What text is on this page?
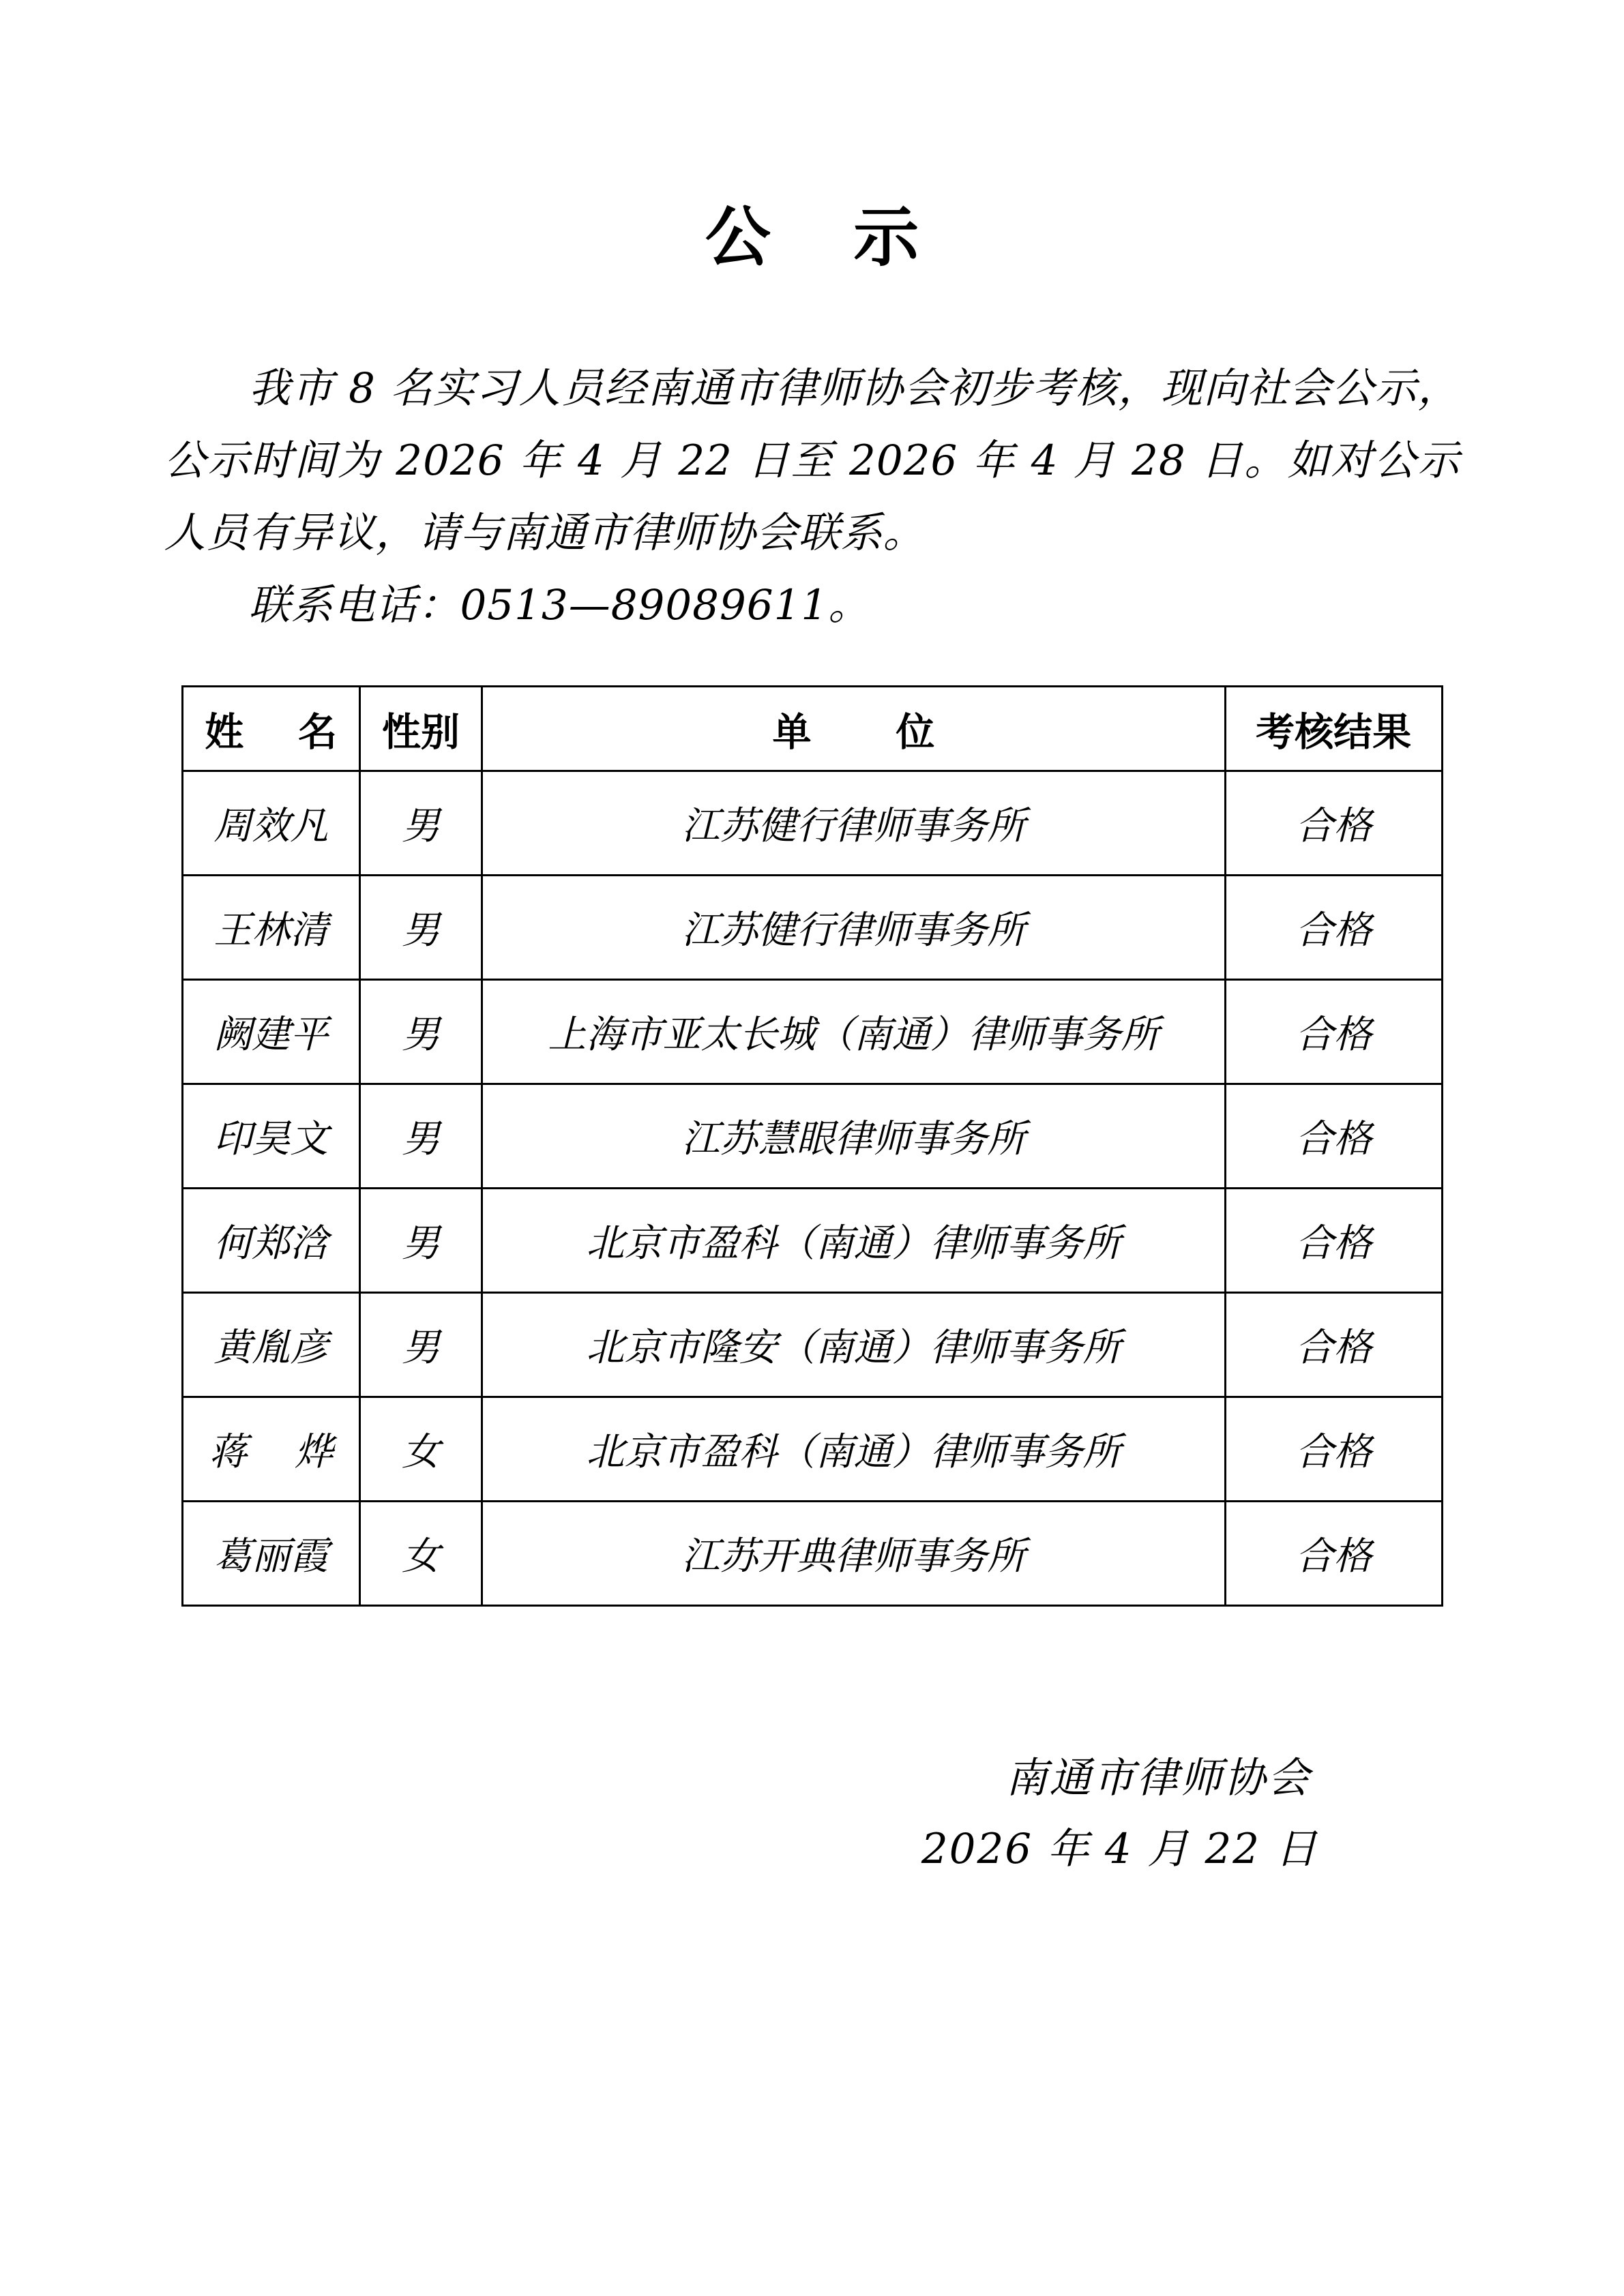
公 示

我市 8 名实习人员经南通市律师协会初步考核，现向社会公示，公示时间为 2026 年 4 月 22 日至 2026 年 4 月 28 日。如对公示人员有异议，请与南通市律师协会联系。

联系电话：0513—89089611。

姓 名	性别	单 位	考核结果
周效凡	男	江苏健行律师事务所	合格
王林清	男	江苏健行律师事务所	合格
阙建平	男	上海市亚太长城（南通）律师事务所	合格
印昊文	男	江苏慧眼律师事务所	合格
何郑浛	男	北京市盈科（南通）律师事务所	合格
黄胤彦	男	北京市隆安（南通）律师事务所	合格
蒋 烨	女	北京市盈科（南通）律师事务所	合格
葛丽霞	女	江苏开典律师事务所	合格
南通市律师协会
2026 年 4 月 22 日
